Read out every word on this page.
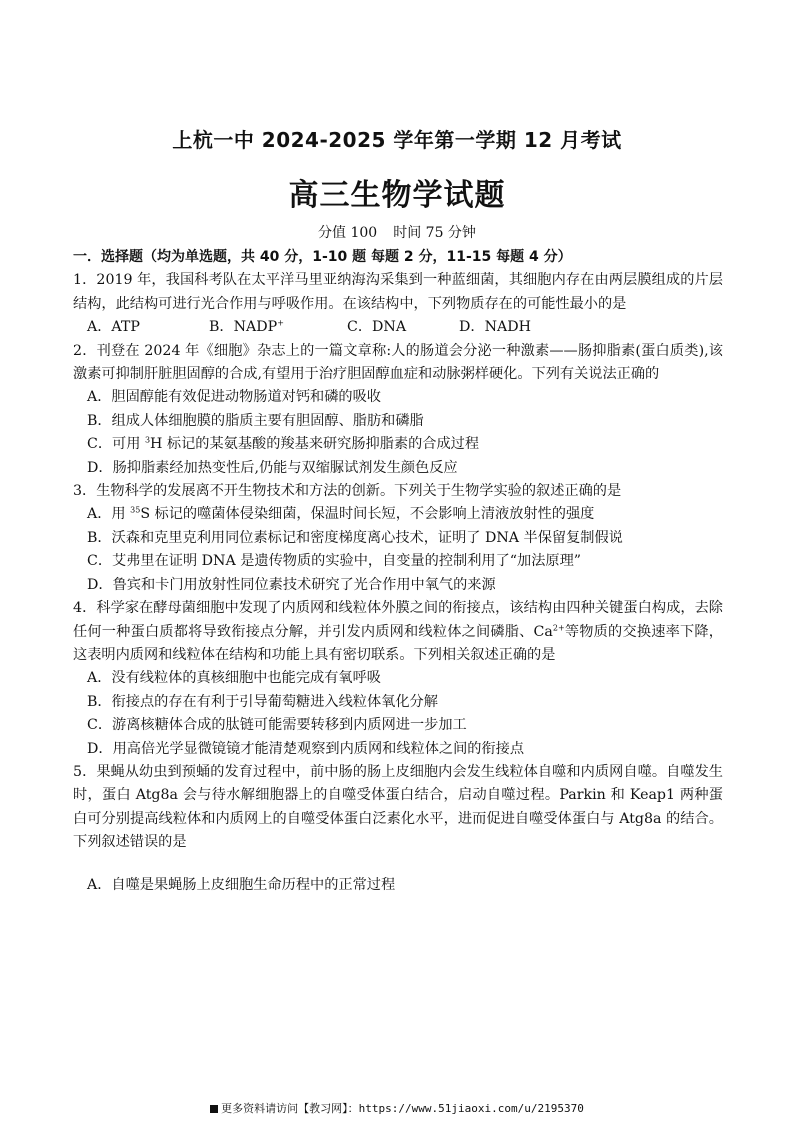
上杭一中 2024-2025 学年第一学期 12 月考试
高三生物学试题
分值 100 时间 75 分钟
一．选择题（均为单选题，共 40 分，1-10 题 每题 2 分，11-15 每题 4 分）

1．2019 年，我国科考队在太平洋马里亚纳海沟采集到一种蓝细菌，其细胞内存在由两层膜组成的片层结构，此结构可进行光合作用与呼吸作用。在该结构中，下列物质存在的可能性最小的是

A．ATP	B．NADP+	C．DNA	D．NADH

2．刊登在 2024 年《细胞》杂志上的一篇文章称:人的肠道会分泌一种激素——肠抑脂素(蛋白质类),该激素可抑制肝脏胆固醇的合成,有望用于治疗胆固醇血症和动脉粥样硬化。下列有关说法正确的

A．胆固醇能有效促进动物肠道对钙和磷的吸收
B．组成人体细胞膜的脂质主要有胆固醇、脂肪和磷脂
C．可用 $^3$H 标记的某氨基酸的羧基来研究肠抑脂素的合成过程
D．肠抑脂素经加热变性后,仍能与双缩脲试剂发生颜色反应

3．生物科学的发展离不开生物技术和方法的创新。下列关于生物学实验的叙述正确的是

A．用 $^{35}$S 标记的噬菌体侵染细菌，保温时间长短，不会影响上清液放射性的强度
B．沃森和克里克利用同位素标记和密度梯度离心技术，证明了 DNA 半保留复制假说
C．艾弗里在证明 DNA 是遗传物质的实验中，自变量的控制利用了“加法原理”
D．鲁宾和卡门用放射性同位素技术研究了光合作用中氧气的来源

4．科学家在酵母菌细胞中发现了内质网和线粒体外膜之间的衔接点，该结构由四种关键蛋白构成，去除任何一种蛋白质都将导致衔接点分解，并引发内质网和线粒体之间磷脂、$Ca^{2+}$等物质的交换速率下降，这表明内质网和线粒体在结构和功能上具有密切联系。下列相关叙述正确的是

A．没有线粒体的真核细胞中也能完成有氧呼吸
B．衔接点的存在有利于引导葡萄糖进入线粒体氧化分解
C．游离核糖体合成的肽链可能需要转移到内质网进一步加工
D．用高倍光学显微镜镜才能清楚观察到内质网和线粒体之间的衔接点

5．果蝇从幼虫到预蛹的发育过程中，前中肠的肠上皮细胞内会发生线粒体自噬和内质网自噬。自噬发生时，蛋白 Atg8a 会与待水解细胞器上的自噬受体蛋白结合，启动自噬过程。Parkin 和 Keap1 两种蛋白可分别提高线粒体和内质网上的自噬受体蛋白泛素化水平，进而促进自噬受体蛋白与 Atg8a 的结合。下列叙述错误的是

A．自噬是果蝇肠上皮细胞生命历程中的正常过程
更多资料请访问【教习网】：https://www.51jiaoxi.com/u/2195370
